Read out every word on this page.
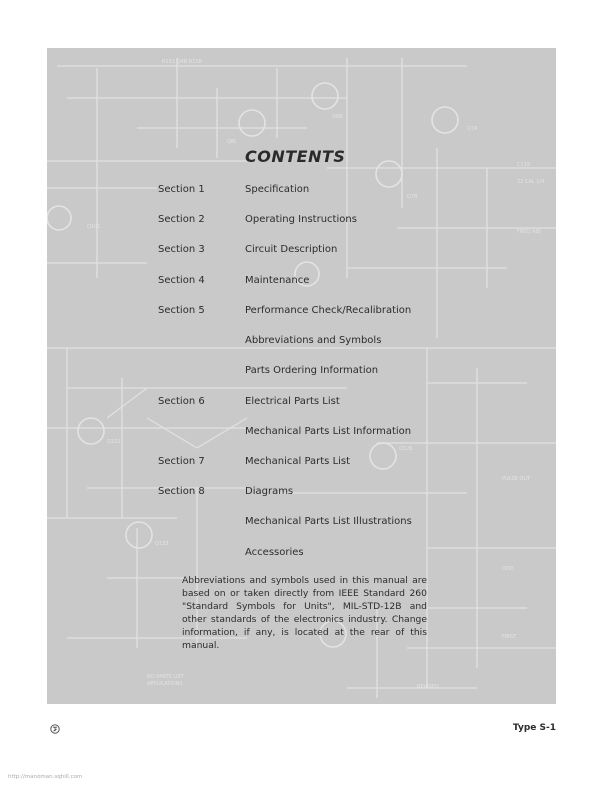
R151 Q4B R118
Q8L
Q8B
Q7A
Q7B
C119
22 CAL 1/4
FREQ ADJ
Q101
Q122
Q128
Q133
PULSE OUT
DIST
FIRST
NO PARTS LIST
APPLICATIONS	REVISED
CONTENTS
Section 1	Specification
Section 2	Operating Instructions
Section 3	Circuit Description
Section 4	Maintenance
Section 5	Performance Check/Recalibration
Abbreviations and Symbols
Parts Ordering Information
Section 6	Electrical Parts List
Mechanical Parts List Information
Section 7	Mechanical Parts List
Section 8	Diagrams
Mechanical Parts List Illustrations
Accessories

Abbreviations and symbols used in this manual are based on or taken directly from IEEE Standard 260 "Standard Symbols for Units", MIL-STD-12B and other standards of the electronics industry. Change information, if any, is located at the rear of this manual.

Type S-1
http://manoman.sqhill.com
